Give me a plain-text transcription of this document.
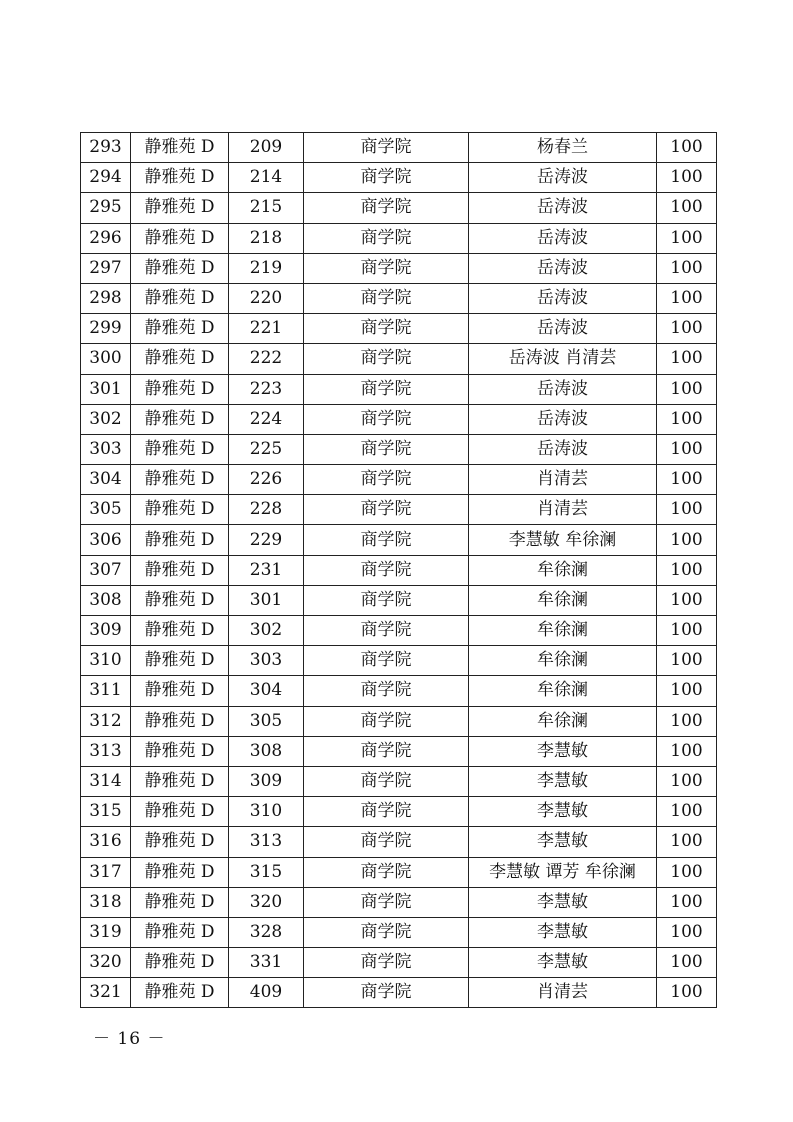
293	静雅苑 D	209	商学院	杨春兰	100
294	静雅苑 D	214	商学院	岳涛波	100
295	静雅苑 D	215	商学院	岳涛波	100
296	静雅苑 D	218	商学院	岳涛波	100
297	静雅苑 D	219	商学院	岳涛波	100
298	静雅苑 D	220	商学院	岳涛波	100
299	静雅苑 D	221	商学院	岳涛波	100
300	静雅苑 D	222	商学院	岳涛波 肖清芸	100
301	静雅苑 D	223	商学院	岳涛波	100
302	静雅苑 D	224	商学院	岳涛波	100
303	静雅苑 D	225	商学院	岳涛波	100
304	静雅苑 D	226	商学院	肖清芸	100
305	静雅苑 D	228	商学院	肖清芸	100
306	静雅苑 D	229	商学院	李慧敏 牟徐澜	100
307	静雅苑 D	231	商学院	牟徐澜	100
308	静雅苑 D	301	商学院	牟徐澜	100
309	静雅苑 D	302	商学院	牟徐澜	100
310	静雅苑 D	303	商学院	牟徐澜	100
311	静雅苑 D	304	商学院	牟徐澜	100
312	静雅苑 D	305	商学院	牟徐澜	100
313	静雅苑 D	308	商学院	李慧敏	100
314	静雅苑 D	309	商学院	李慧敏	100
315	静雅苑 D	310	商学院	李慧敏	100
316	静雅苑 D	313	商学院	李慧敏	100
317	静雅苑 D	315	商学院	李慧敏 谭芳 牟徐澜	100
318	静雅苑 D	320	商学院	李慧敏	100
319	静雅苑 D	328	商学院	李慧敏	100
320	静雅苑 D	331	商学院	李慧敏	100
321	静雅苑 D	409	商学院	肖清芸	100
－ 16 －
